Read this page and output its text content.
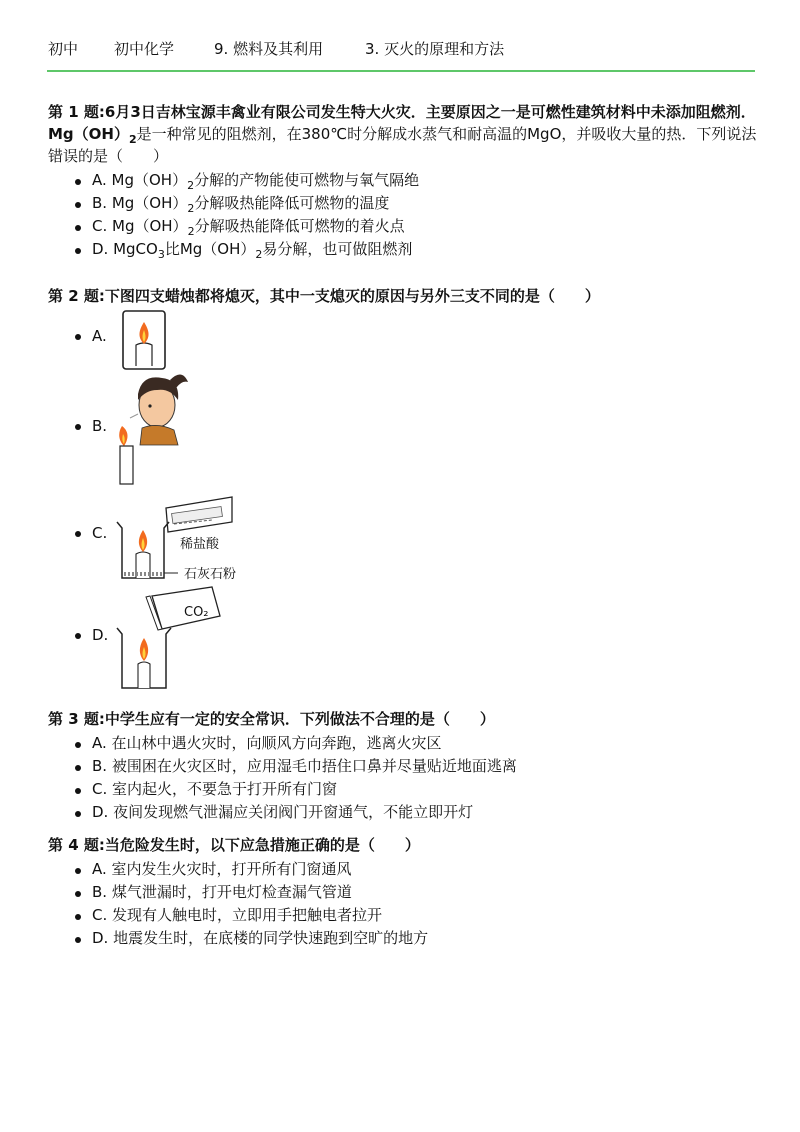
初中 初中化学	9. 燃料及其利用	3. 灭火的原理和方法

第 1 题:6月3日吉林宝源丰禽业有限公司发生特大火灾．主要原因之一是可燃性建筑材料中未添加阻燃剂．$Mg(OH)_2$是一种常见的阻燃剂，在380℃时分解成水蒸气和耐高温的MgO，并吸收大量的热．下列说法错误的是（　　）

A. $Mg(OH)_2$分解的产物能使可燃物与氧气隔绝
B. $Mg(OH)_2$分解吸热能降低可燃物的温度
C. $Mg(OH)_2$分解吸热能降低可燃物的着火点
D. MgCO$_3$比$Mg(OH)_2$易分解，也可做阻燃剂

第 2 题:下图四支蜡烛都将熄灭，其中一支熄灭的原因与另外三支不同的是（　　）

A.
B.
C.
稀盐酸
石灰石粉
D.
CO₂

第 3 题:中学生应有一定的安全常识．下列做法不合理的是（　　）

A. 在山林中遇火灾时，向顺风方向奔跑，逃离火灾区
B. 被围困在火灾区时，应用湿毛巾捂住口鼻并尽量贴近地面逃离
C. 室内起火，不要急于打开所有门窗
D. 夜间发现燃气泄漏应关闭阀门开窗通气，不能立即开灯

第 4 题:当危险发生时，以下应急措施正确的是（　　）

A. 室内发生火灾时，打开所有门窗通风
B. 煤气泄漏时，打开电灯检查漏气管道
C. 发现有人触电时，立即用手把触电者拉开
D. 地震发生时，在底楼的同学快速跑到空旷的地方
